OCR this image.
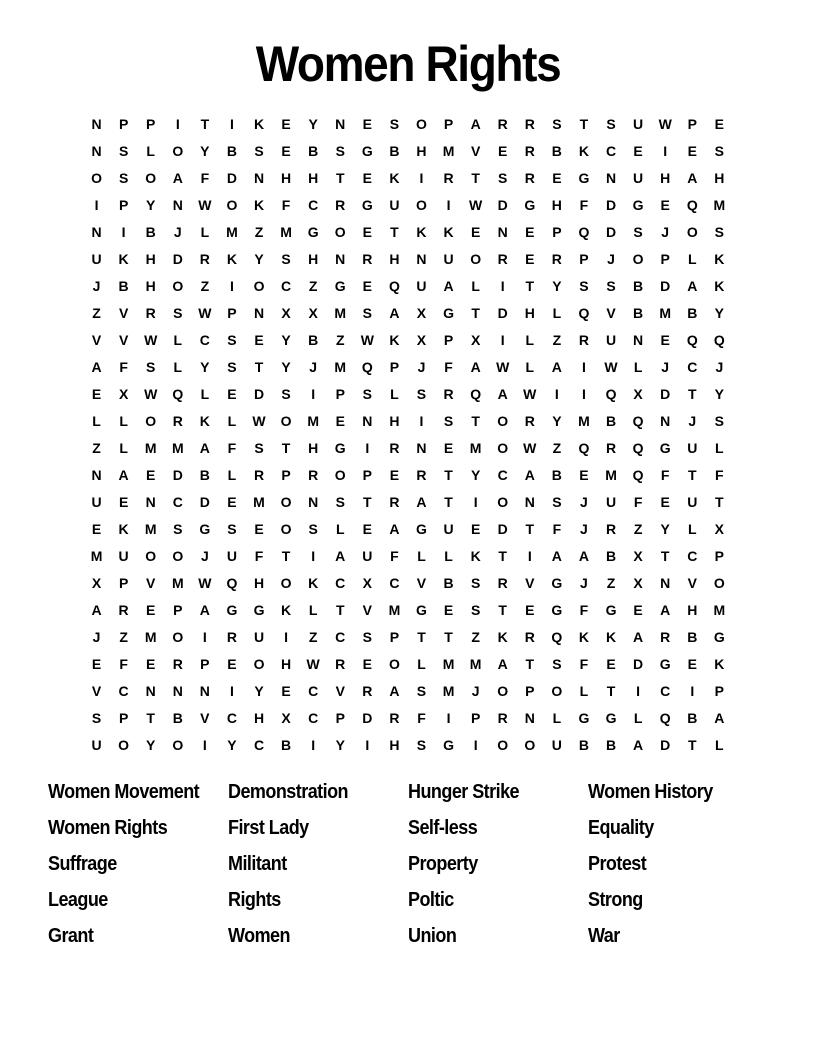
Women Rights
N	P	P	I	T	I	K	E	Y	N	E	S	O	P	A	R	R	S	T	S	U	W	P	E
N	S	L	O	Y	B	S	E	B	S	G	B	H	M	V	E	R	B	K	C	E	I	E	S
O	S	O	A	F	D	N	H	H	T	E	K	I	R	T	S	R	E	G	N	U	H	A	H
I	P	Y	N	W	O	K	F	C	R	G	U	O	I	W	D	G	H	F	D	G	E	Q	M
N	I	B	J	L	M	Z	M	G	O	E	T	K	K	E	N	E	P	Q	D	S	J	O	S
U	K	H	D	R	K	Y	S	H	N	R	H	N	U	O	R	E	R	P	J	O	P	L	K
J	B	H	O	Z	I	O	C	Z	G	E	Q	U	A	L	I	T	Y	S	S	B	D	A	K
Z	V	R	S	W	P	N	X	X	M	S	A	X	G	T	D	H	L	Q	V	B	M	B	Y
V	V	W	L	C	S	E	Y	B	Z	W	K	X	P	X	I	L	Z	R	U	N	E	Q	Q
A	F	S	L	Y	S	T	Y	J	M	Q	P	J	F	A	W	L	A	I	W	L	J	C	J
E	X	W	Q	L	E	D	S	I	P	S	L	S	R	Q	A	W	I	I	Q	X	D	T	Y
L	L	O	R	K	L	W	O	M	E	N	H	I	S	T	O	R	Y	M	B	Q	N	J	S
Z	L	M	M	A	F	S	T	H	G	I	R	N	E	M	O	W	Z	Q	R	Q	G	U	L
N	A	E	D	B	L	R	P	R	O	P	E	R	T	Y	C	A	B	E	M	Q	F	T	F
U	E	N	C	D	E	M	O	N	S	T	R	A	T	I	O	N	S	J	U	F	E	U	T
E	K	M	S	G	S	E	O	S	L	E	A	G	U	E	D	T	F	J	R	Z	Y	L	X
M	U	O	O	J	U	F	T	I	A	U	F	L	L	K	T	I	A	A	B	X	T	C	P
X	P	V	M	W	Q	H	O	K	C	X	C	V	B	S	R	V	G	J	Z	X	N	V	O
A	R	E	P	A	G	G	K	L	T	V	M	G	E	S	T	E	G	F	G	E	A	H	M
J	Z	M	O	I	R	U	I	Z	C	S	P	T	T	Z	K	R	Q	K	K	A	R	B	G
E	F	E	R	P	E	O	H	W	R	E	O	L	M	M	A	T	S	F	E	D	G	E	K
V	C	N	N	N	I	Y	E	C	V	R	A	S	M	J	O	P	O	L	T	I	C	I	P
S	P	T	B	V	C	H	X	C	P	D	R	F	I	P	R	N	L	G	G	L	Q	B	A
U	O	Y	O	I	Y	C	B	I	Y	I	H	S	G	I	O	O	U	B	B	A	D	T	L
Women Movement	Demonstration	Hunger Strike	Women History
Women Rights	First Lady	Self-less	Equality
Suffrage	Militant	Property	Protest
League	Rights	Poltic	Strong
Grant	Women	Union	War
